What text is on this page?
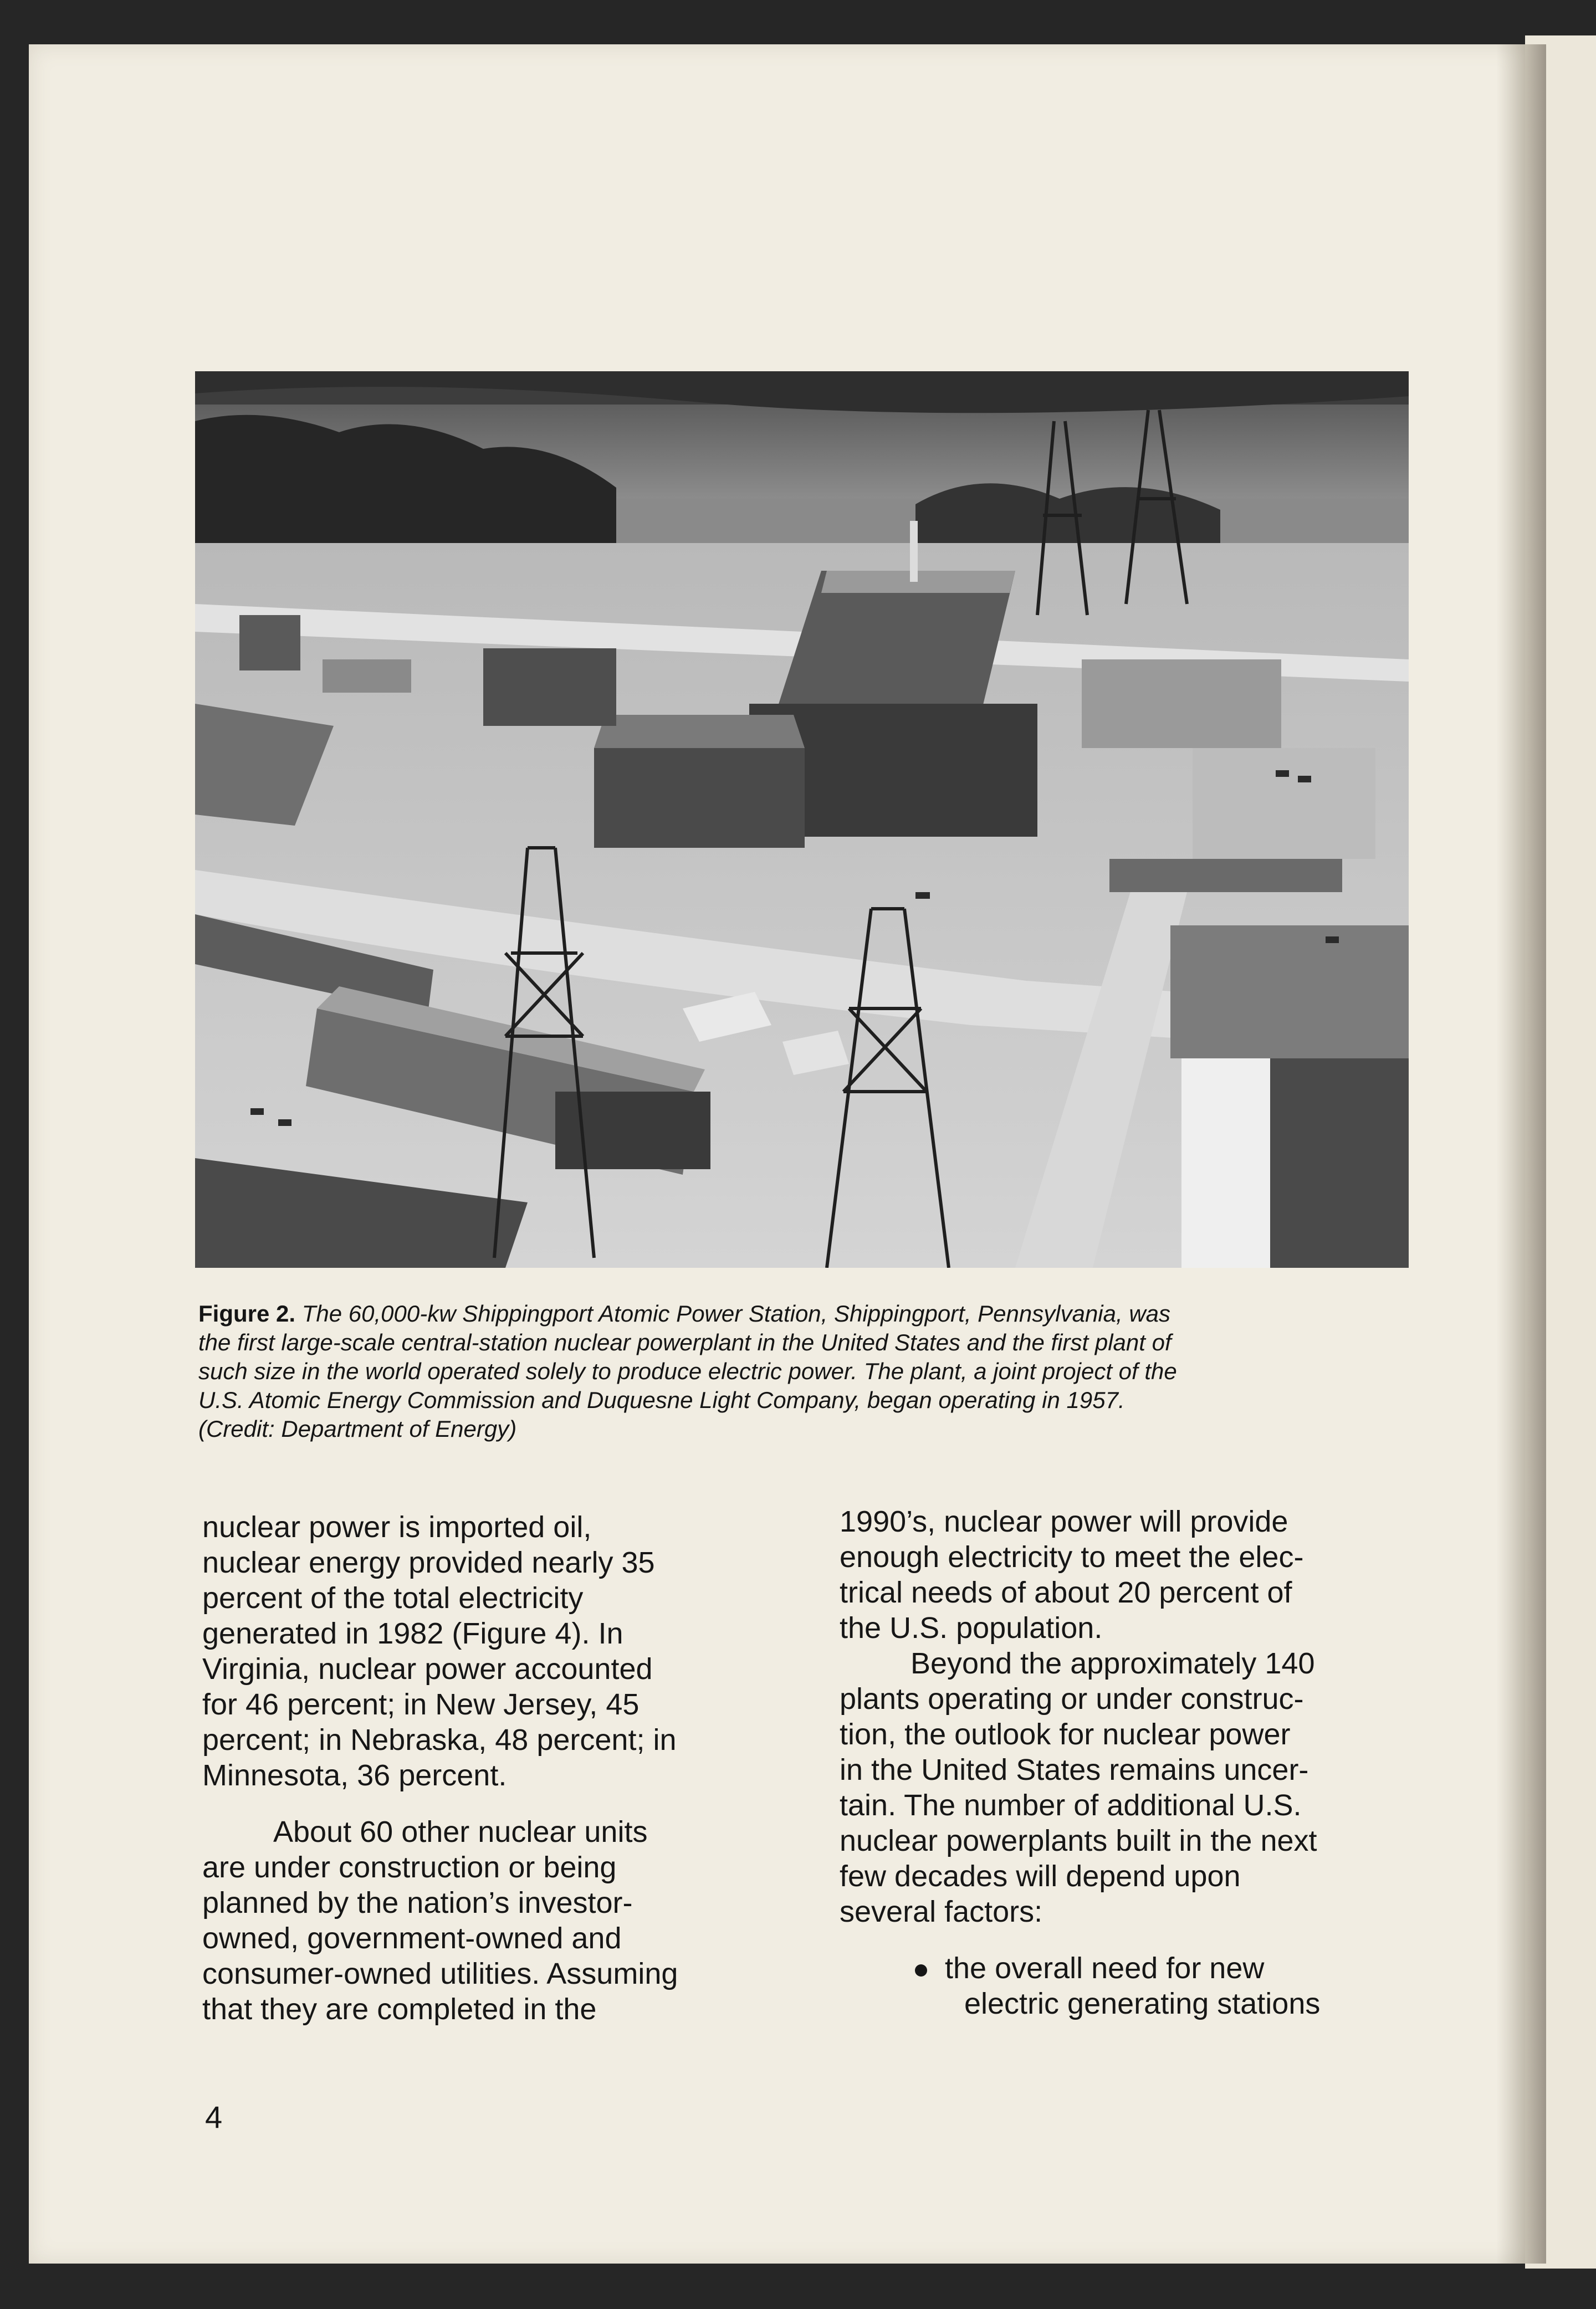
Figure 2. The 60,000-kw Shippingport Atomic Power Station, Shippingport, Pennsylvania, was
the first large-scale central-station nuclear powerplant in the United States and the first plant of
such size in the world operated solely to produce electric power. The plant, a joint project of the
U.S. Atomic Energy Commission and Duquesne Light Company, began operating in 1957.
(Credit: Department of Energy)
nuclear power is imported oil,
nuclear energy provided nearly 35
percent of the total electricity
generated in 1982 (Figure 4). In
Virginia, nuclear power accounted
for 46 percent; in New Jersey, 45
percent; in Nebraska, 48 percent; in
Minnesota, 36 percent.
About 60 other nuclear units
are under construction or being
planned by the nation’s investor-
owned, government-owned and
consumer-owned utilities. Assuming
that they are completed in the
1990’s, nuclear power will provide
enough electricity to meet the elec-
trical needs of about 20 percent of
the U.S. population.
Beyond the approximately 140
plants operating or under construc-
tion, the outlook for nuclear power
in the United States remains uncer-
tain. The number of additional U.S.
nuclear powerplants built in the next
few decades will depend upon
several factors:
the overall need for new
electric generating stations
4
